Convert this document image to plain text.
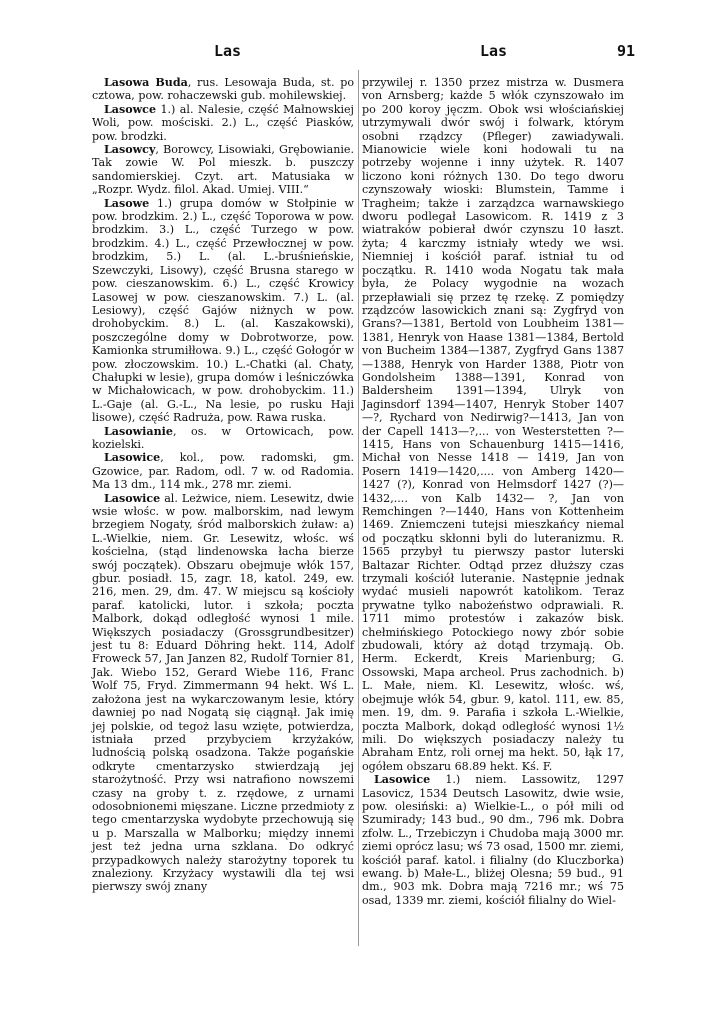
Las	Las	91

Lasowa Buda, rus. Lesowaja Buda, st. po cztowa, pow. rohaczewski gub. mohilewskiej.

Lasowce 1.) al. Nalesie, część Małnowskiej Woli, pow. mościski. 2.) L., część Piasków, pow. brodzki.

Lasowcy, Borowcy, Lisowiaki, Grębowianie. Tak zowie W. Pol mieszk. b. puszczy sandomierskiej. Czyt. art. Matusiaka w „Rozpr. Wydz. filol. Akad. Umiej. VIII.“

Lasowe 1.) grupa domów w Stołpinie w pow. brodzkim. 2.) L., część Toporowa w pow. brodzkim. 3.) L., część Turzego w pow. brodzkim. 4.) L., część Przewłocznej w pow. brodzkim, 5.) L. (al. L.-bruśnieńskie, Szewczyki, Lisowy), część Brusna starego w pow. cieszanowskim. 6.) L., część Krowicy Lasowej w pow. cieszanowskim. 7.) L. (al. Lesiowy), część Gajów niżnych w pow. drohobyckim. 8.) L. (al. Kaszakowski), poszczególne domy w Dobrotworze, pow. Kamionka strumiłłowa. 9.) L., część Gołogór w pow. złoczowskim. 10.) L.-Chatki (al. Chaty, Chałupki w lesie), grupa domów i leśniczówka w Michałowicach, w pow. drohobyckim. 11.) L.-Gaje (al. G.-L., Na lesie, po rusku Haji lisowe), część Radruża, pow. Rawa ruska.

Lasowianie, os. w Ortowicach, pow. kozielski.

Lasowice, kol., pow. radomski, gm. Gzowice, par. Radom, odl. 7 w. od Radomia. Ma 13 dm., 114 mk., 278 mr. ziemi.

Lasowice al. Leżwice, niem. Lesewitz, dwie wsie włośc. w pow. malborskim, nad lewym brzegiem Nogaty, śród malborskich żuław: a) L.-Wielkie, niem. Gr. Lesewitz, włośc. wś kościelna, (stąd lindenowska łacha bierze swój początek). Obszaru obejmuje włók 157, gbur. posiadł. 15, zagr. 18, katol. 249, ew. 216, men. 29, dm. 47. W miejscu są kościoły paraf. katolicki, lutor. i szkoła; poczta Malbork, dokąd odległość wynosi 1 mile. Większych posiadaczy (Grossgrundbesitzer) jest tu 8: Eduard Döhring hekt. 114, Adolf Froweck 57, Jan Janzen 82, Rudolf Tornier 81, Jak. Wiebo 152, Gerard Wiebe 116, Franc Wolf 75, Fryd. Zimmermann 94 hekt. Wś L. założona jest na wykarczowanym lesie, który dawniej po nad Nogatą się ciągnął. Jak imię jej polskie, od tegoż lasu wzięte, potwierdza, istniała przed przybyciem krzyżaków, ludnością polską osadzona. Także pogańskie odkryte cmentarzysko stwierdzają jej starożytność. Przy wsi natrafiono nowszemi czasy na groby t. z. rzędowe, z urnami odosobnionemi mięszane. Liczne przedmioty z tego cmentarzyska wydobyte przechowują się u p. Marszalla w Malborku; między innemi jest też jedna urna szklana. Do odkryć przypadkowych należy starożytny toporek tu znaleziony. Krzyżacy wystawili dla tej wsi pierwszy swój znany

przywilej r. 1350 przez mistrza w. Dusmera von Arnsberg; każde 5 włók czynszowało im po 200 koroy jęczm. Obok wsi włościańskiej utrzymywali dwór swój i folwark, którym osobni rządzcy (Pfleger) zawiadywali. Mianowicie wiele koni hodowali tu na potrzeby wojenne i inny użytek. R. 1407 liczono koni różnych 130. Do tego dworu czynszowały wioski: Blumstein, Tamme i Tragheim; także i zarządzca warnawskiego dworu podlegał Lasowicom. R. 1419 z 3 wiatraków pobierał dwór czynszu 10 łaszt. żyta; 4 karczmy istniały wtedy we wsi. Niemniej i kościół paraf. istniał tu od początku. R. 1410 woda Nogatu tak mała była, że Polacy wygodnie na wozach przepławiali się przez tę rzekę. Z pomiędzy rządzców lasowickich znani są: Zygfryd von Grans?—1381, Bertold von Loubheim 1381—1381, Henryk von Haase 1381—1384, Bertold von Bucheim 1384—1387, Zygfryd Gans 1387—1388, Henryk von Harder 1388, Piotr von Gondolsheim 1388—1391, Konrad von Baldersheim 1391—1394, Ulryk von Jaginsdorf 1394—1407, Henryk Stober 1407—?, Rychard von Nedirwig?—1413, Jan von der Capell 1413—?,... von Westerstetten ?—1415, Hans von Schauenburg 1415—1416, Michał von Nesse 1418 — 1419, Jan von Posern 1419—1420,.... von Amberg 1420—1427 (?), Konrad von Helmsdorf 1427 (?)—1432,.... von Kalb 1432— ?, Jan von Remchingen ?—1440, Hans von Kottenheim 1469. Zniemczeni tutejsi mieszkańcy niemal od początku skłonni byli do luteranizmu. R. 1565 przybył tu pierwszy pastor luterski Baltazar Richter. Odtąd przez dłuższy czas trzymali kościół luteranie. Następnie jednak wydać musieli napowrót katolikom. Teraz prywatne tylko nabożeństwo odprawiali. R. 1711 mimo protestów i zakazów bisk. chełmińskiego Potockiego nowy zbór sobie zbudowali, który aż dotąd trzymają. Ob. Herm. Eckerdt, Kreis Marienburg; G. Ossowski, Mapa archeol. Prus zachodnich. b) L. Małe, niem. Kl. Lesewitz, włośc. wś, obejmuje włók 54, gbur. 9, katol. 111, ew. 85, men. 19, dm. 9. Parafia i szkoła L.-Wielkie, poczta Malbork, dokąd odległość wynosi 1½ mili. Do większych posiadaczy należy tu Abraham Entz, roli ornej ma hekt. 50, łąk 17, ogółem obszaru 68.89 hekt. Kś. F.

Lasowice 1.) niem. Lassowitz, 1297 Lasovicz, 1534 Deutsch Lasowitz, dwie wsie, pow. olesiński: a) Wielkie-L., o pół mili od Szumirady; 143 bud., 90 dm., 796 mk. Dobra zfolw. L., Trzebiczyn i Chudoba mają 3000 mr. ziemi oprócz lasu; wś 73 osad, 1500 mr. ziemi, kościół paraf. katol. i filialny (do Kluczborka) ewang. b) Małe-L., bliżej Olesna; 59 bud., 91 dm., 903 mk. Dobra mają 7216 mr.; wś 75 osad, 1339 mr. ziemi, kościół filialny do Wiel-
